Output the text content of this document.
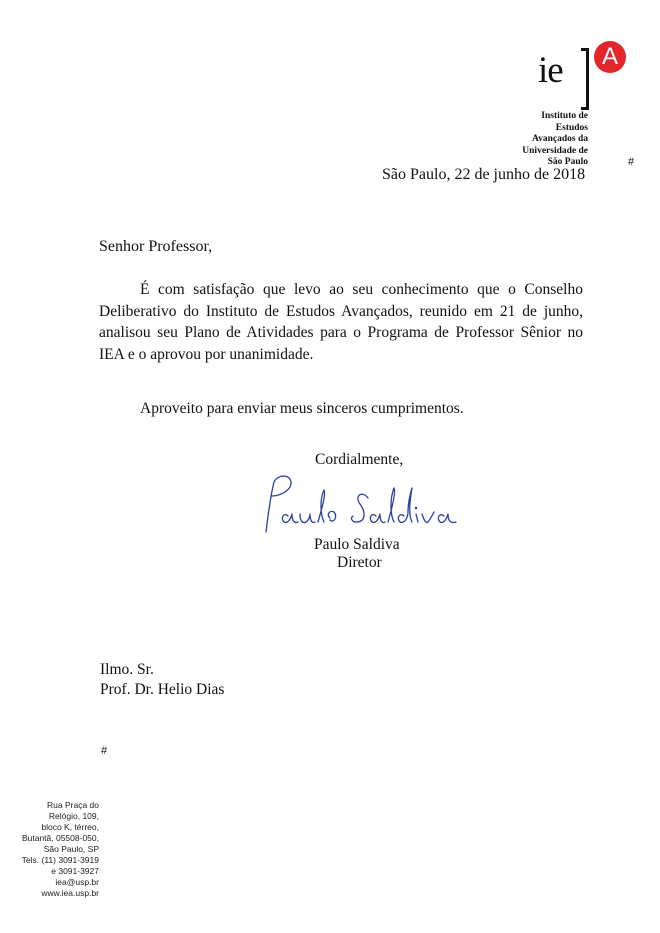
ie	A
Instituto de
Estudos
Avançados da
Universidade de
São Paulo	#
São Paulo, 22 de junho de 2018
Senhor Professor,

É com satisfação que levo ao seu conhecimento que o Conselho Deliberativo do Instituto de Estudos Avançados, reunido em 21 de junho, analisou seu Plano de Atividades para o Programa de Professor Sênior no IEA e o aprovou por unanimidade.

Aproveito para enviar meus sinceros cumprimentos.
Cordialmente,
Paulo Saldiva
Diretor
Ilmo. Sr.
Prof. Dr. Helio Dias
#
Rua Praça do
Relógio, 109,
bloco K, térreo,
Butantã, 05508-050,
São Paulo, SP
Tels. (11) 3091-3919
e 3091-3927
iea@usp.br
www.iea.usp.br
